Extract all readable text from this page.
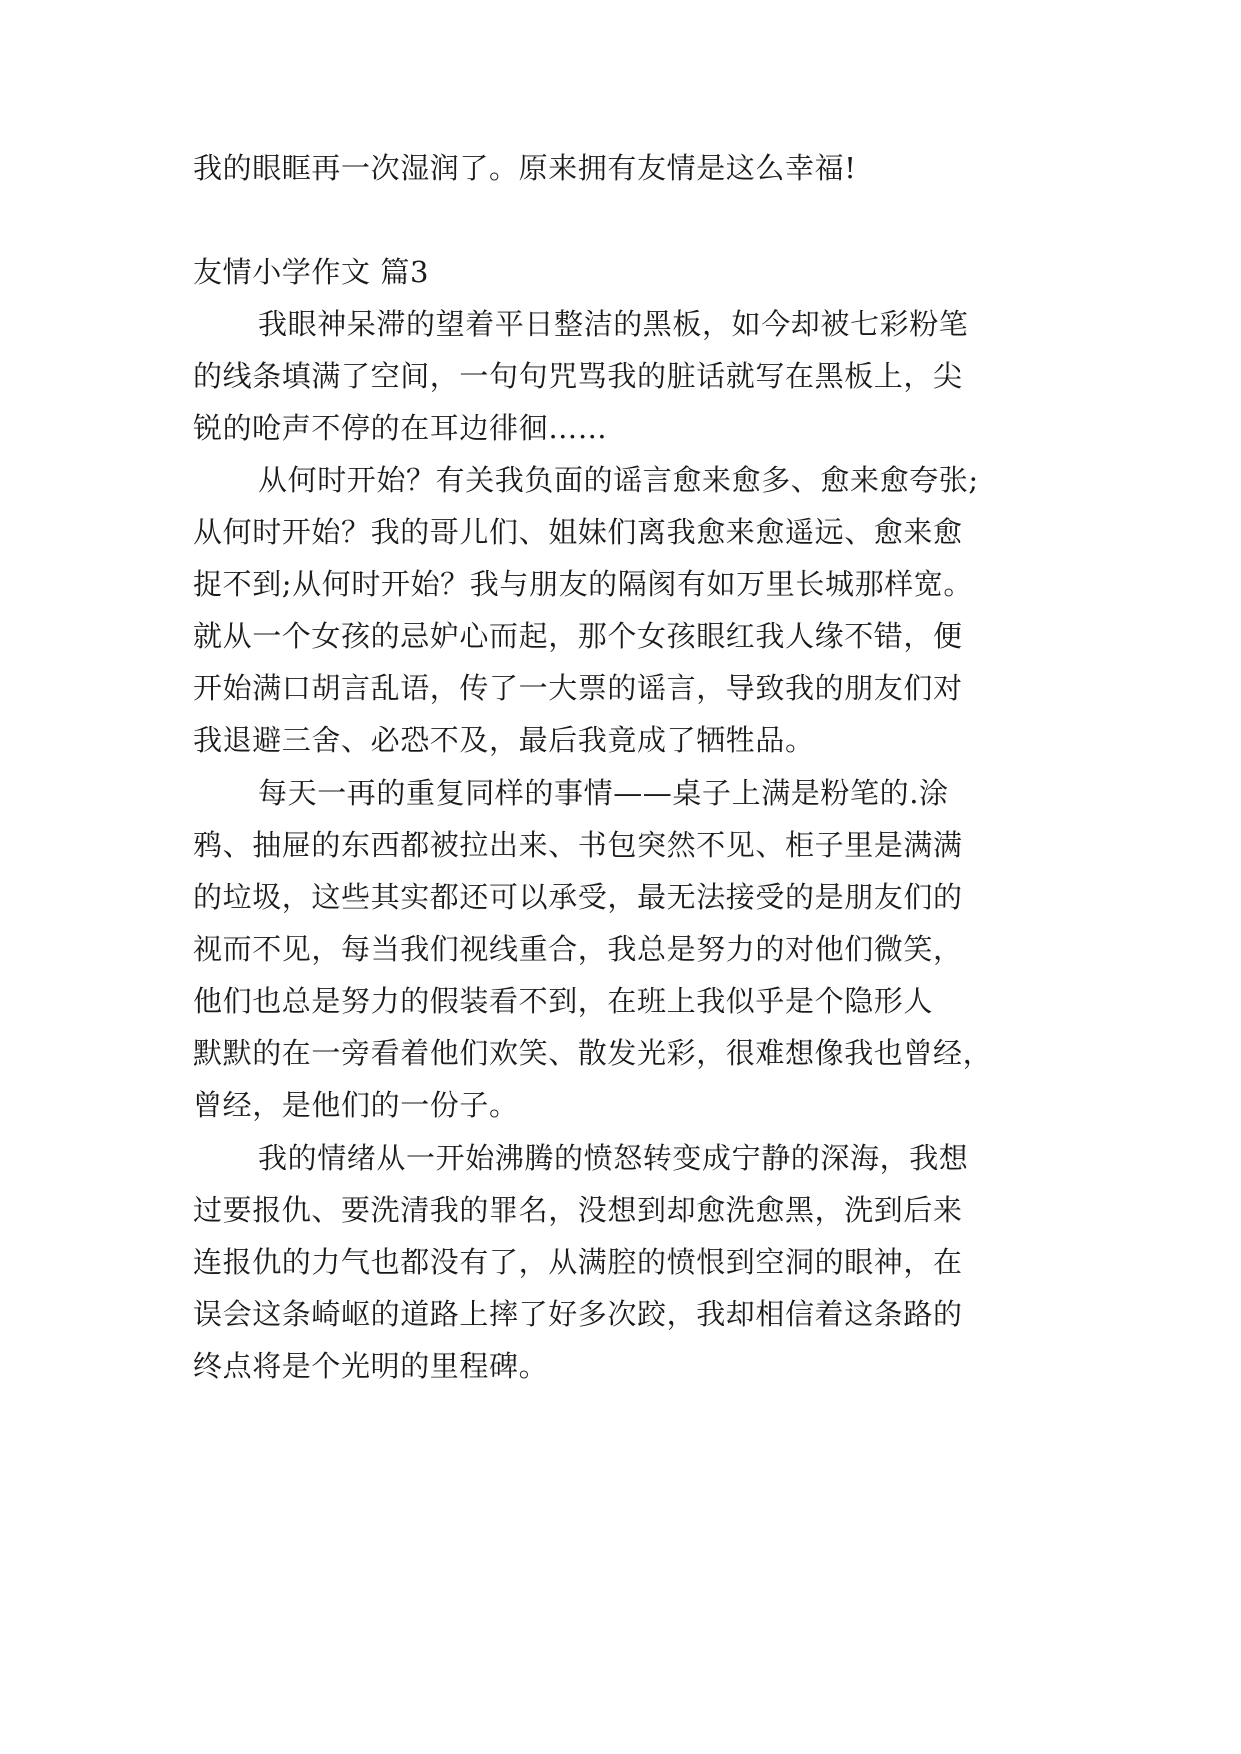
我的眼眶再一次湿润了。原来拥有友情是这么幸福!
友情小学作文 篇3
我眼神呆滞的望着平日整洁的黑板，如今却被七彩粉笔
的线条填满了空间，一句句咒骂我的脏话就写在黑板上，尖
锐的呛声不停的在耳边徘徊……
从何时开始？有关我负面的谣言愈来愈多、愈来愈夸张;
从何时开始？我的哥儿们、姐妹们离我愈来愈遥远、愈来愈
捉不到;从何时开始？我与朋友的隔阂有如万里长城那样宽。
就从一个女孩的忌妒心而起，那个女孩眼红我人缘不错，便
开始满口胡言乱语，传了一大票的谣言，导致我的朋友们对
我退避三舍、必恐不及，最后我竟成了牺牲品。
每天一再的重复同样的事情——桌子上满是粉笔的.涂
鸦、抽屉的东西都被拉出来、书包突然不见、柜子里是满满
的垃圾，这些其实都还可以承受，最无法接受的是朋友们的
视而不见，每当我们视线重合，我总是努力的对他们微笑，
他们也总是努力的假装看不到，在班上我似乎是个隐形人
默默的在一旁看着他们欢笑、散发光彩，很难想像我也曾经，
曾经，是他们的一份子。
我的情绪从一开始沸腾的愤怒转变成宁静的深海，我想
过要报仇、要洗清我的罪名，没想到却愈洗愈黑，洗到后来
连报仇的力气也都没有了，从满腔的愤恨到空洞的眼神，在
误会这条崎岖的道路上摔了好多次跤，我却相信着这条路的
终点将是个光明的里程碑。
